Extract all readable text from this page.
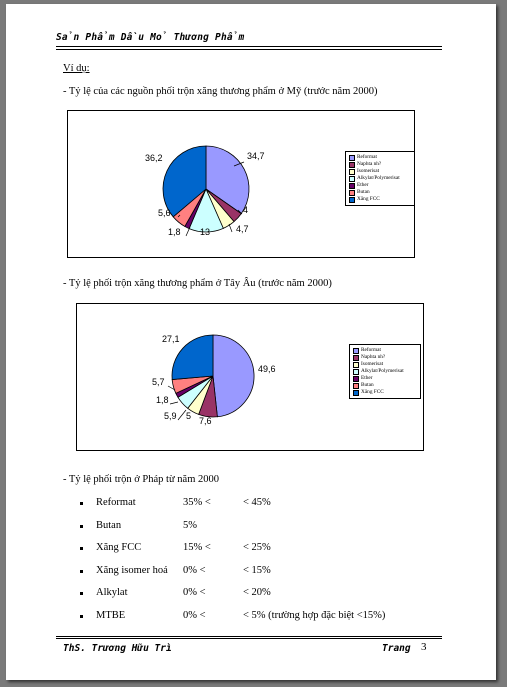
Sản Phẩm Dầu Mỏ Thương Phẩm
Ví dụ:
- Tỷ lệ của các nguồn phối trộn xăng thương phẩm ở Mỹ (trước năm 2000)
Reformat
Naphta nh?
Isomerisat
Alkylat/Polymerisat
Ether
Butan
Xăng FCC
34,7
4
4,7
13
1,8
5,6
36,2
- Tỷ lệ phối trộn xăng thương phẩm ở Tây Âu (trước năm 2000)
Reformat
Naphta nh?
Isomerisat
Alkylat/Polymerisat
Ether
Butan
Xăng FCC
49,6
7,6
5
5,9
1,8
5,7
27,1
- Tỷ lệ phối trộn ở Pháp từ năm 2000
Reformat	35% <	< 45%
Butan	5%
Xăng FCC	15% <	< 25%
Xăng isomer hoá 0% <	< 15%
Alkylat	0% <	< 20%
MTBE	0% <	< 5% (trường hợp đặc biệt <15%)
ThS. Trương Hữu Trì	Trang 3
